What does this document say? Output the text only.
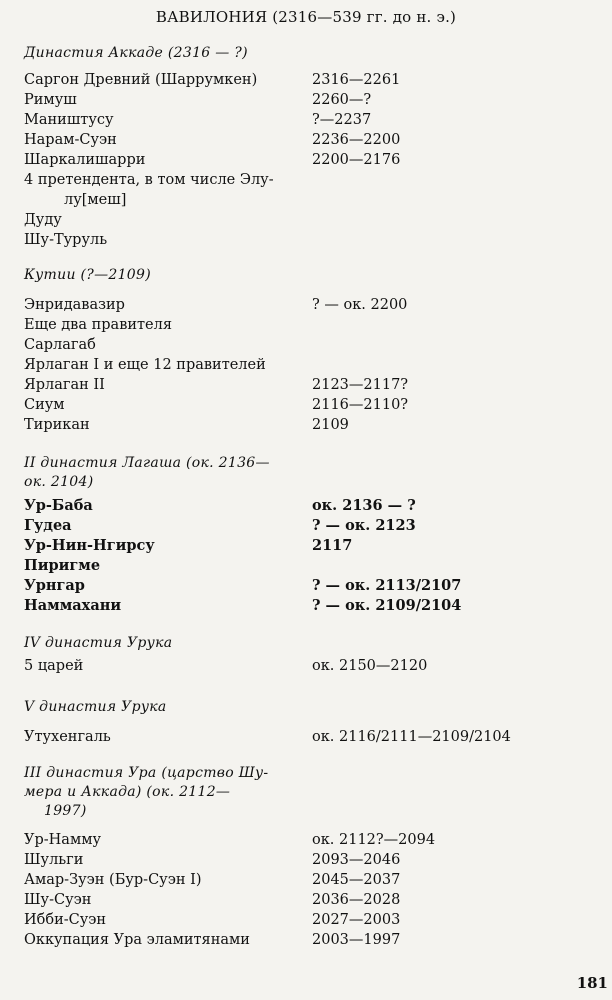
ВАВИЛОНИЯ (2316—539 гг. до н. э.)
Династия Аккаде (2316 — ?)
Саргон Древний (Шаррумкен)	2316—2261
Римуш	2260—?
Маништусу	?—2237
Нарам-Суэн	2236—2200
Шаркалишарри	2200—2176
4 претендента, в том числе Элу-
лу[меш]
Дуду
Шу-Туруль
Кутии (?—2109)
Энридавазир	? — ок. 2200
Еще два правителя
Сарлагаб
Ярлаган I и еще 12 правителей
Ярлаган II	2123—2117?
Сиум	2116—2110?
Тирикан	2109
II династия Лагаша (ок. 2136—
ок. 2104)
Ур-Баба	ок. 2136 — ?
Гудеа	? — ок. 2123
Ур-Нин-Нгирсу	2117
Пиригме
Урнгар	? — ок. 2113/2107
Наммахани	? — ок. 2109/2104
IV династия Урука
5 царей	ок. 2150—2120
V династия Урука
Утухенгаль	ок. 2116/2111—2109/2104
III династия Ура (царство Шу-
мера и Аккада) (ок. 2112—
1997)
Ур-Намму	ок. 2112?—2094
Шульги	2093—2046
Амар-Зуэн (Бур-Суэн I)	2045—2037
Шу-Суэн	2036—2028
Ибби-Суэн	2027—2003
Оккупация Ура эламитянами	2003—1997
181
